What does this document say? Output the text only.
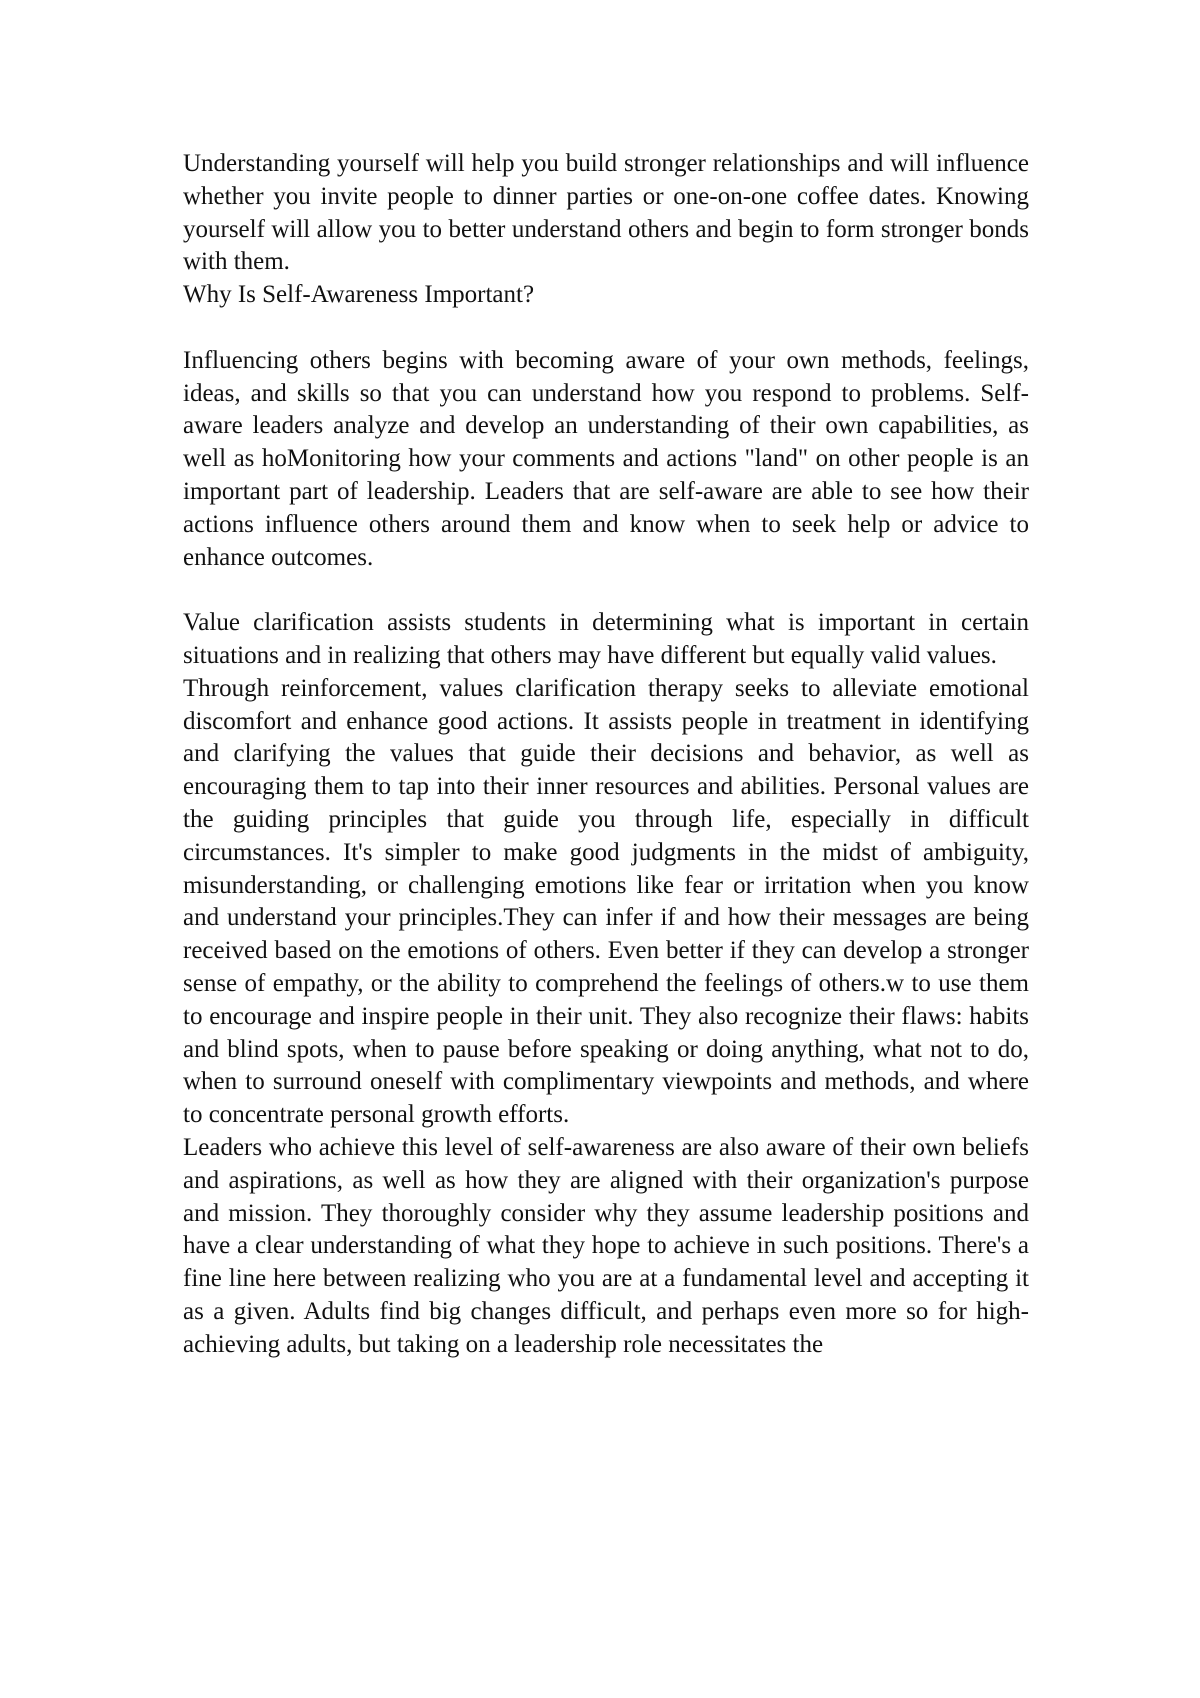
Understanding yourself will help you build stronger relationships and will influence whether you invite people to dinner parties or one-on-one coffee dates. Knowing yourself will allow you to better understand others and begin to form stronger bonds with them.

Why Is Self-Awareness Important?

Influencing others begins with becoming aware of your own methods, feelings, ideas, and skills so that you can understand how you respond to problems. Self-aware leaders analyze and develop an understanding of their own capabilities, as well as hoMonitoring how your comments and actions "land" on other people is an important part of leadership. Leaders that are self-aware are able to see how their actions influence others around them and know when to seek help or advice to enhance outcomes.

Value clarification assists students in determining what is important in certain situations and in realizing that others may have different but equally valid values.

Through reinforcement, values clarification therapy seeks to alleviate emotional discomfort and enhance good actions. It assists people in treatment in identifying and clarifying the values that guide their decisions and behavior, as well as encouraging them to tap into their inner resources and abilities. Personal values are the guiding principles that guide you through life, especially in difficult circumstances. It's simpler to make good judgments in the midst of ambiguity, misunderstanding, or challenging emotions like fear or irritation when you know and understand your principles.They can infer if and how their messages are being received based on the emotions of others. Even better if they can develop a stronger sense of empathy, or the ability to comprehend the feelings of others.w to use them to encourage and inspire people in their unit. They also recognize their flaws: habits and blind spots, when to pause before speaking or doing anything, what not to do, when to surround oneself with complimentary viewpoints and methods, and where to concentrate personal growth efforts.

Leaders who achieve this level of self-awareness are also aware of their own beliefs and aspirations, as well as how they are aligned with their organization's purpose and mission. They thoroughly consider why they assume leadership positions and have a clear understanding of what they hope to achieve in such positions. There's a fine line here between realizing who you are at a fundamental level and accepting it as a given. Adults find big changes difficult, and perhaps even more so for high-achieving adults, but taking on a leadership role necessitates the
